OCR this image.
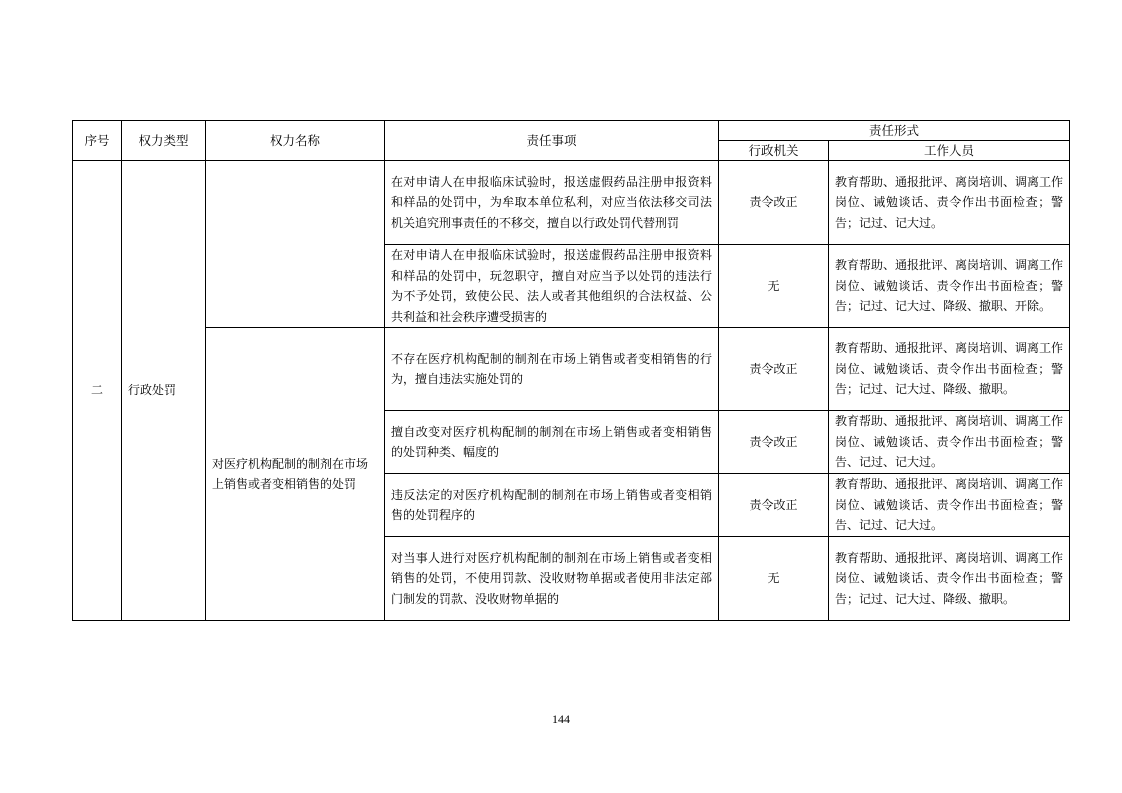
序号	权力类型	权力名称	责任事项	责任形式	
				行政机关	工作人员
二	行政处罚		在对申请人在申报临床试验时，报送虚假药品注册申报资料和样品的处罚中，为牟取本单位私利，对应当依法移交司法机关追究刑事责任的不移交，擅自以行政处罚代替刑罚	责令改正	教育帮助、通报批评、离岗培训、调离工作岗位、诫勉谈话、责令作出书面检查；警告；记过、记大过。
			在对申请人在申报临床试验时，报送虚假药品注册申报资料和样品的处罚中，玩忽职守，擅自对应当予以处罚的违法行为不予处罚，致使公民、法人或者其他组织的合法权益、公共利益和社会秩序遭受损害的	无	教育帮助、通报批评、离岗培训、调离工作岗位、诫勉谈话、责令作出书面检查；警告；记过、记大过、降级、撤职、开除。
		对医疗机构配制的制剂在市场上销售或者变相销售的处罚	不存在医疗机构配制的制剂在市场上销售或者变相销售的行为，擅自违法实施处罚的	责令改正	教育帮助、通报批评、离岗培训、调离工作岗位、诫勉谈话、责令作出书面检查；警告；记过、记大过、降级、撤职。
			擅自改变对医疗机构配制的制剂在市场上销售或者变相销售的处罚种类、幅度的	责令改正	教育帮助、通报批评、离岗培训、调离工作岗位、诫勉谈话、责令作出书面检查；警告、记过、记大过。
			违反法定的对医疗机构配制的制剂在市场上销售或者变相销售的处罚程序的	责令改正	教育帮助、通报批评、离岗培训、调离工作岗位、诫勉谈话、责令作出书面检查；警告、记过、记大过。
			对当事人进行对医疗机构配制的制剂在市场上销售或者变相销售的处罚，不使用罚款、没收财物单据或者使用非法定部门制发的罚款、没收财物单据的	无	教育帮助、通报批评、离岗培训、调离工作岗位、诫勉谈话、责令作出书面检查；警告；记过、记大过、降级、撤职。
144
